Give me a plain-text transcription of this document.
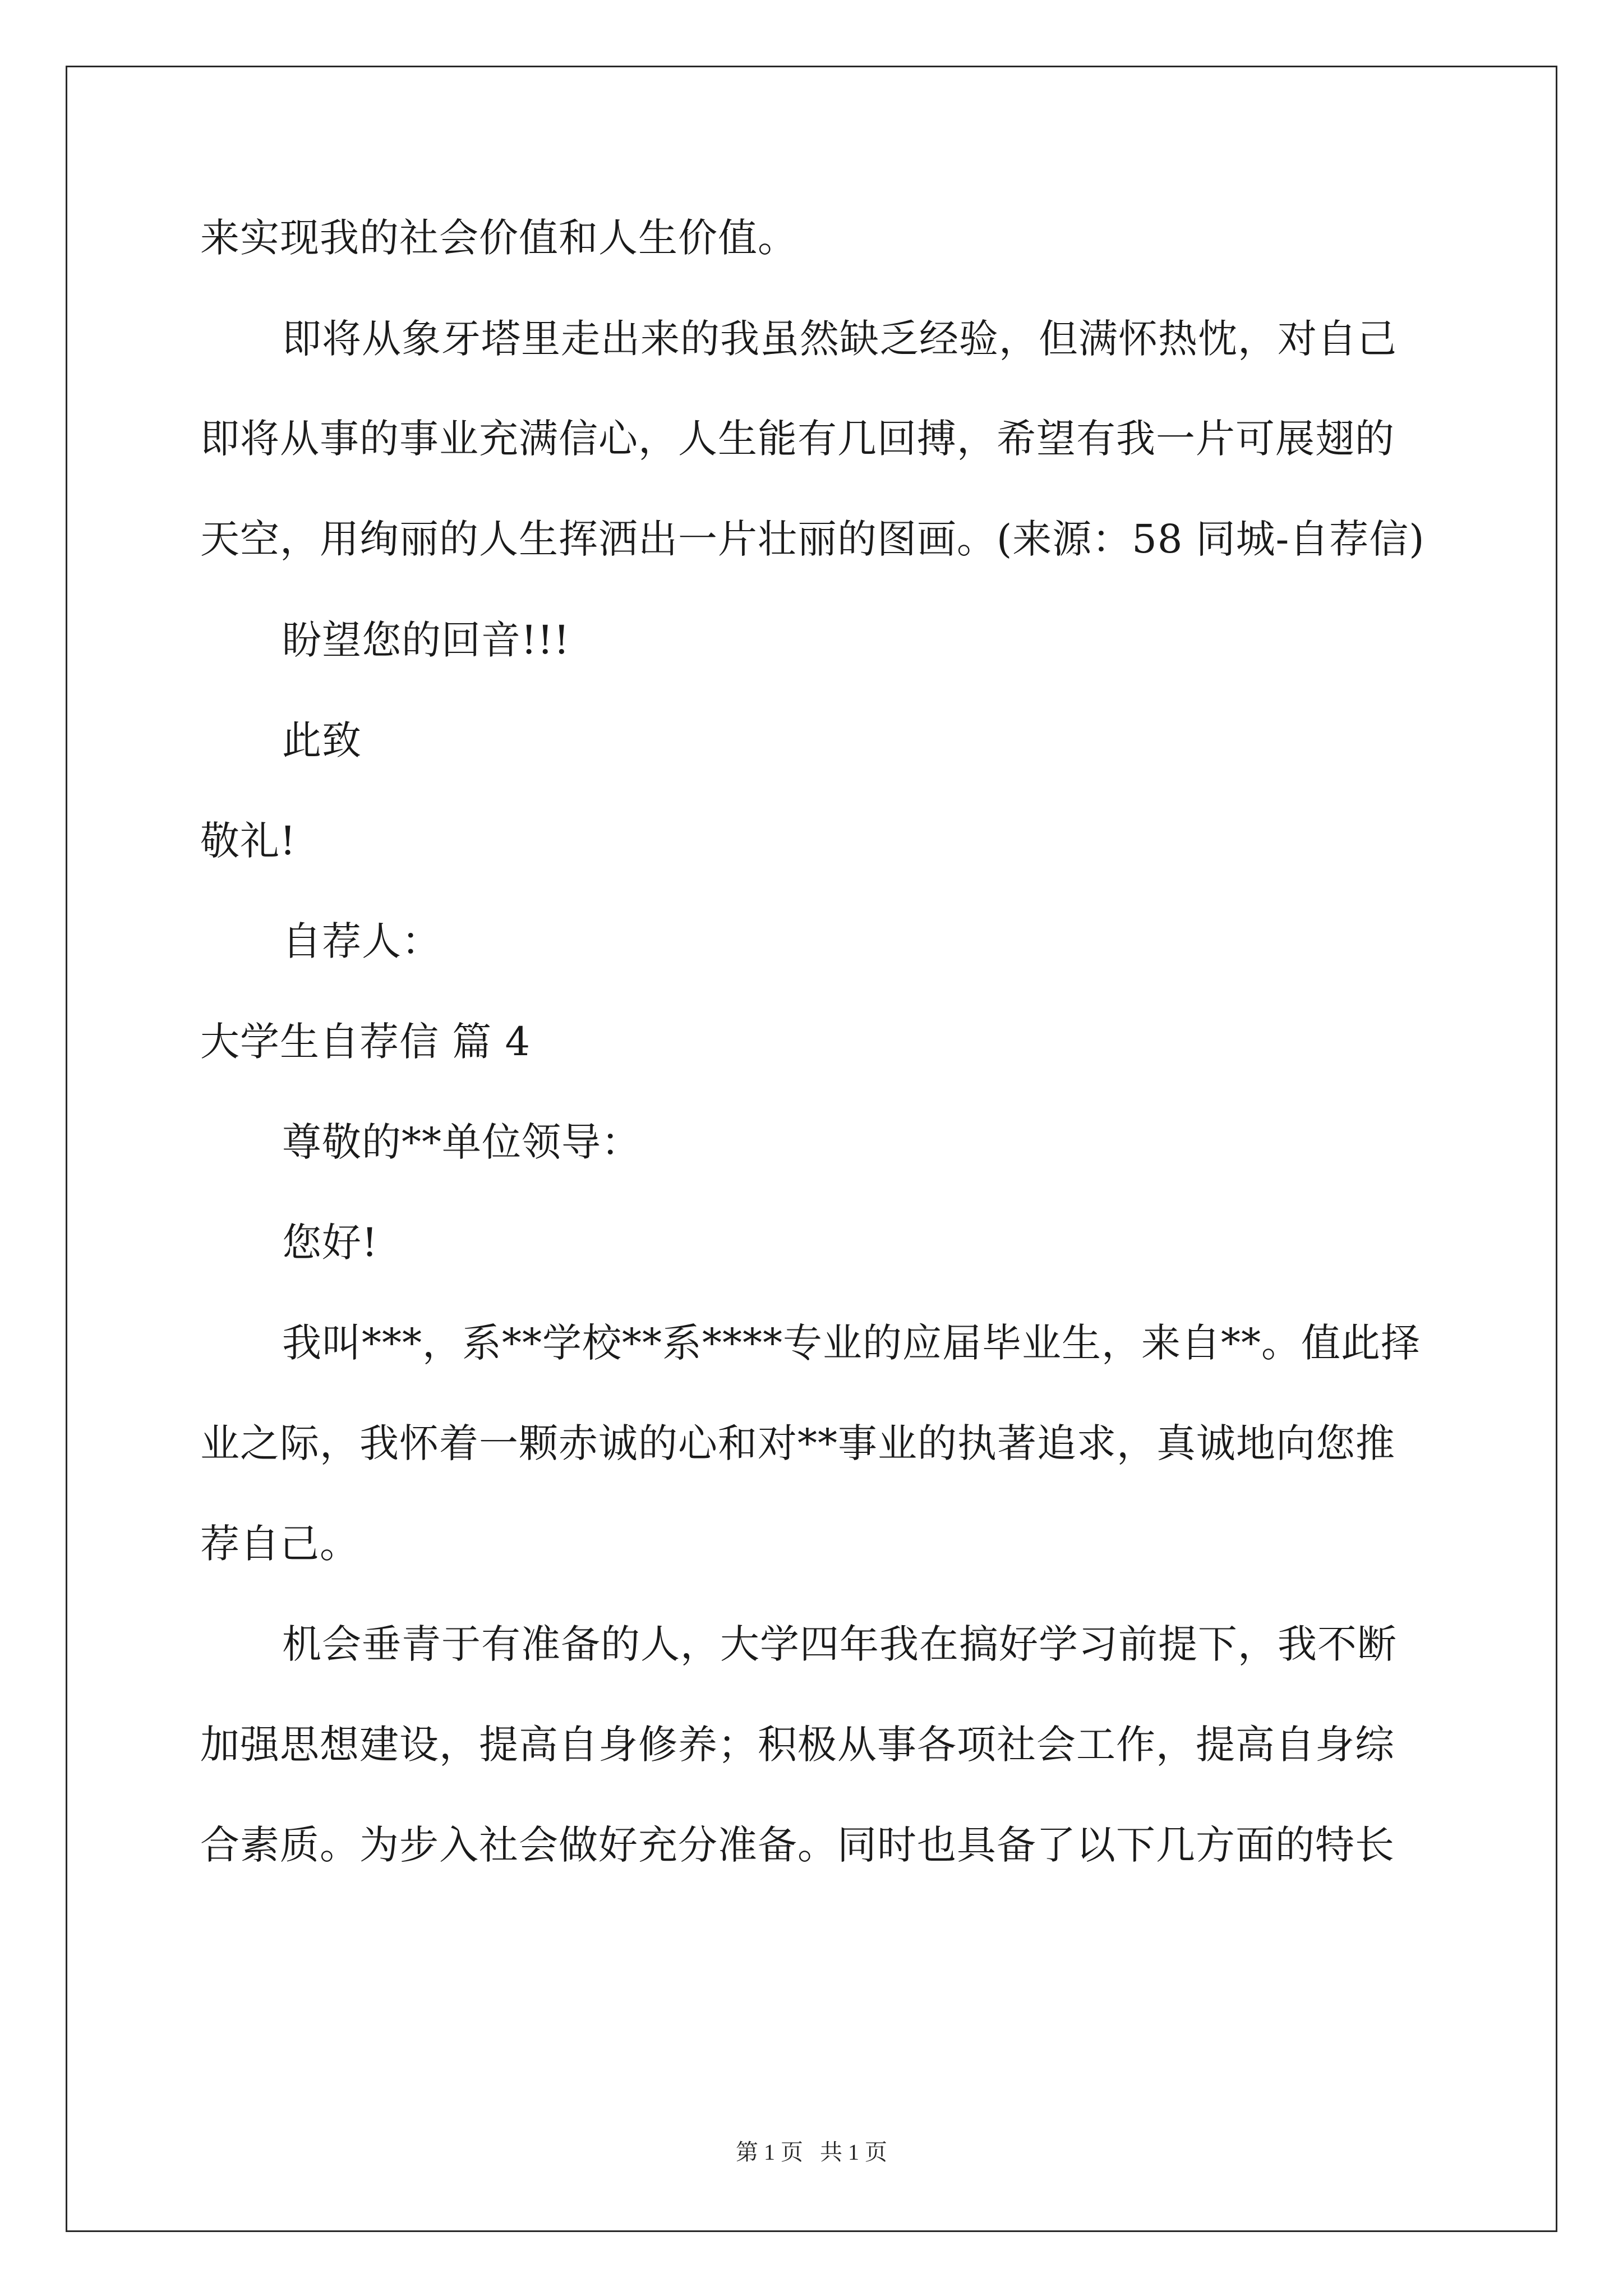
来实现我的社会价值和人生价值。

即将从象牙塔里走出来的我虽然缺乏经验，但满怀热忱，对自己

即将从事的事业充满信心，人生能有几回搏，希望有我一片可展翅的

天空，用绚丽的人生挥洒出一片壮丽的图画。(来源：58 同城-自荐信)

盼望您的回音!!!

此致

敬礼!

自荐人：

大学生自荐信 篇 4

尊敬的**单位领导：

您好!

我叫***，系**学校**系****专业的应届毕业生，来自**。值此择

业之际，我怀着一颗赤诚的心和对**事业的执著追求，真诚地向您推

荐自己。

机会垂青于有准备的人，大学四年我在搞好学习前提下，我不断

加强思想建设，提高自身修养；积极从事各项社会工作，提高自身综

合素质。为步入社会做好充分准备。同时也具备了以下几方面的特长

第 1 页   共 1 页
